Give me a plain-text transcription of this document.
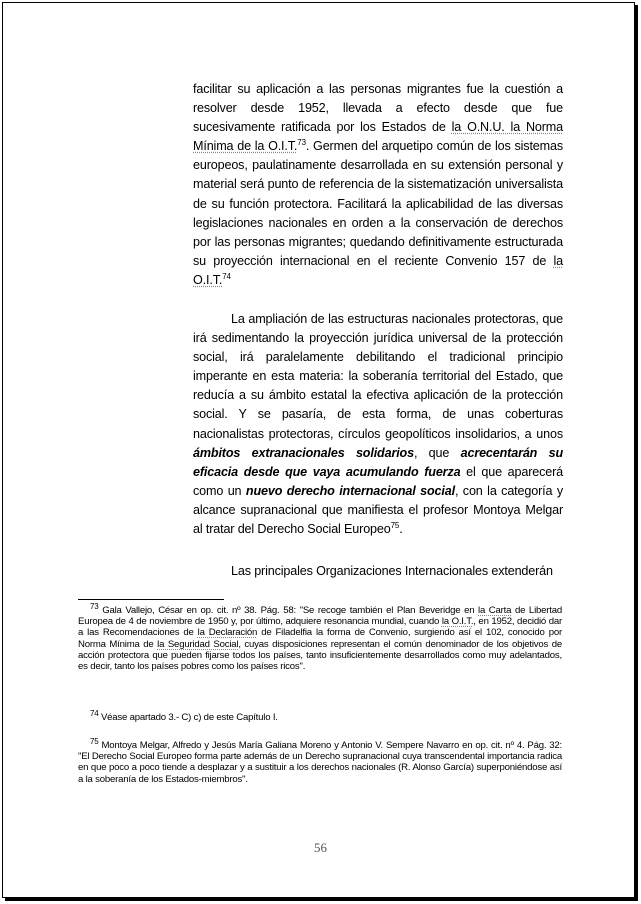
facilitar su aplicación a las personas migrantes fue la cuestión a resolver desde 1952, llevada a efecto desde que fue sucesivamente ratificada por los Estados de la O.N.U. la Norma Mínima de la O.I.T.$^{73}$. Germen del arquetipo común de los sistemas europeos, paulatinamente desarrollada en su extensión personal y material será punto de referencia de la sistematización universalista de su función protectora. Facilitará la aplicabilidad de las diversas legislaciones nacionales en orden a la conservación de derechos por las personas migrantes; quedando definitivamente estructurada su proyección internacional en el reciente Convenio 157 de la O.I.T.$^{74}$

La ampliación de las estructuras nacionales protectoras, que irá sedimentando la proyección jurídica universal de la protección social, irá paralelamente debilitando el tradicional principio imperante en esta materia: la soberanía territorial del Estado, que reducía a su ámbito estatal la efectiva aplicación de la protección social. Y se pasaría, de esta forma, de unas coberturas nacionalistas protectoras, círculos geopolíticos insolidarios, a unos ámbitos extranacionales solidarios, que acrecentarán su eficacia desde que vaya acumulando fuerza el que aparecerá como un nuevo derecho internacional social, con la categoría y alcance supranacional que manifiesta el profesor Montoya Melgar al tratar del Derecho Social Europeo$^{75}$.

Las principales Organizaciones Internacionales extenderán

$^{73}$ Gala Vallejo, César en op. cit. nº 38. Pág. 58: "Se recoge también el Plan Beveridge en la Carta de Libertad Europea de 4 de noviembre de 1950 y, por último, adquiere resonancia mundial, cuando la O.I.T., en 1952, decidió dar a las Recomendaciones de la Declaración de Filadelfia la forma de Convenio, surgiendo así el 102, conocido por Norma Mínima de la Seguridad Social, cuyas disposiciones representan el común denominador de los objetivos de acción protectora que pueden fijarse todos los países, tanto insuficientemente desarrollados como muy adelantados, es decir, tanto los países pobres como los países ricos".

$^{74}$ Véase apartado 3.- C) c) de este Capítulo I.

$^{75}$ Montoya Melgar, Alfredo y Jesús María Galiana Moreno y Antonio V. Sempere Navarro en op. cit. nº 4. Pág. 32: "El Derecho Social Europeo forma parte además de un Derecho supranacional cuya transcendental importancia radica en que poco a poco tiende a desplazar y a sustituir a los derechos nacionales (R. Alonso García) superponiéndose así a la soberanía de los Estados-miembros".

56
